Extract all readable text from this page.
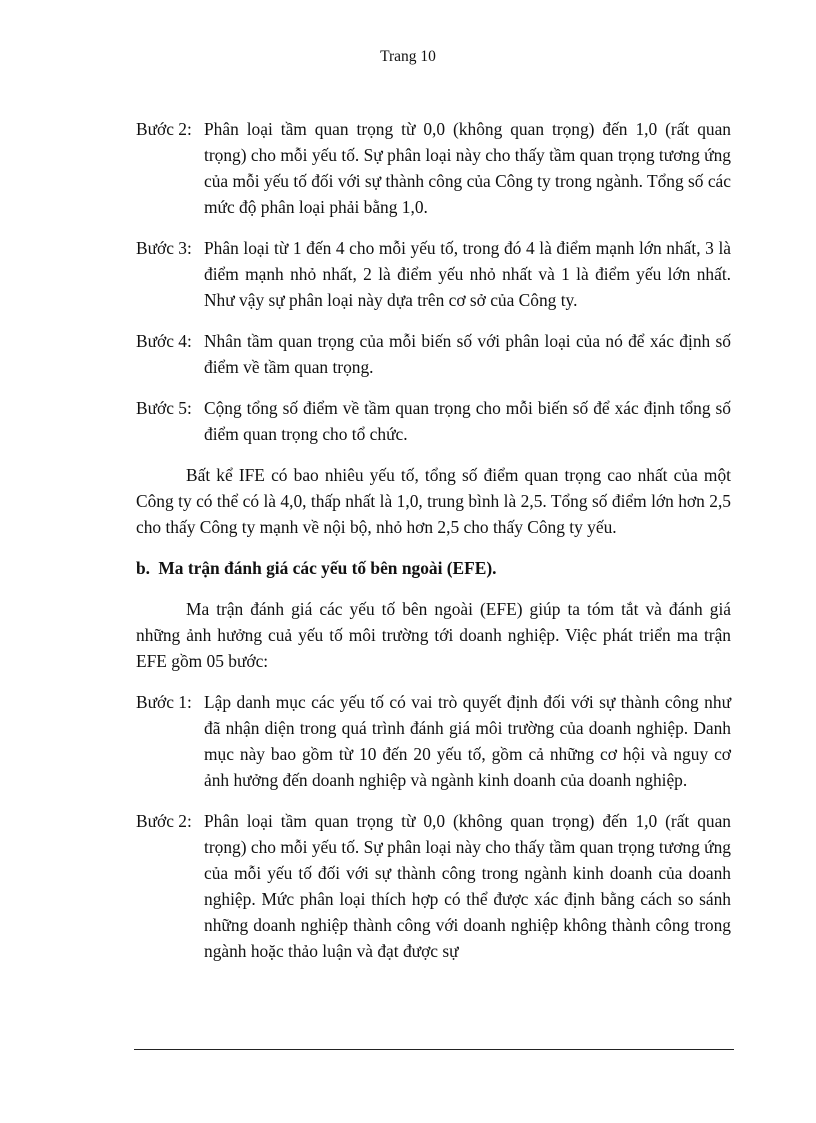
Trang 10
Bước 2: Phân loại tầm quan trọng từ 0,0 (không quan trọng) đến 1,0 (rất quan trọng) cho mỗi yếu tố. Sự phân loại này cho thấy tầm quan trọng tương ứng của mỗi yếu tố đối với sự thành công của Công ty trong ngành. Tổng số các mức độ phân loại phải bằng 1,0.
Bước 3: Phân loại từ 1 đến 4 cho mỗi yếu tố, trong đó 4 là điểm mạnh lớn nhất, 3 là điểm mạnh nhỏ nhất, 2 là điểm yếu nhỏ nhất và 1 là điểm yếu lớn nhất. Như vậy sự phân loại này dựa trên cơ sở của Công ty.
Bước 4: Nhân tầm quan trọng của mỗi biến số với phân loại của nó để xác định số điểm về tầm quan trọng.
Bước 5: Cộng tổng số điểm về tầm quan trọng cho mỗi biến số để xác định tổng số điểm quan trọng cho tổ chức.

Bất kể IFE có bao nhiêu yếu tố, tổng số điểm quan trọng cao nhất của một Công ty có thể có là 4,0, thấp nhất là 1,0, trung bình là 2,5. Tổng số điểm lớn hơn 2,5 cho thấy Công ty mạnh về nội bộ, nhỏ hơn 2,5 cho thấy Công ty yếu.

b. Ma trận đánh giá các yếu tố bên ngoài (EFE).

Ma trận đánh giá các yếu tố bên ngoài (EFE) giúp ta tóm tắt và đánh giá những ảnh hưởng cuả yếu tố môi trường tới doanh nghiệp. Việc phát triển ma trận EFE gồm 05 bước:

Bước 1: Lập danh mục các yếu tố có vai trò quyết định đối với sự thành công như đã nhận diện trong quá trình đánh giá môi trường của doanh nghiệp. Danh mục này bao gồm từ 10 đến 20 yếu tố, gồm cả những cơ hội và nguy cơ ảnh hưởng đến doanh nghiệp và ngành kinh doanh của doanh nghiệp.
Bước 2: Phân loại tầm quan trọng từ 0,0 (không quan trọng) đến 1,0 (rất quan trọng) cho mỗi yếu tố. Sự phân loại này cho thấy tầm quan trọng tương ứng của mỗi yếu tố đối với sự thành công trong ngành kinh doanh của doanh nghiệp. Mức phân loại thích hợp có thể được xác định bằng cách so sánh những doanh nghiệp thành công với doanh nghiệp không thành công trong ngành hoặc thảo luận và đạt được sự
